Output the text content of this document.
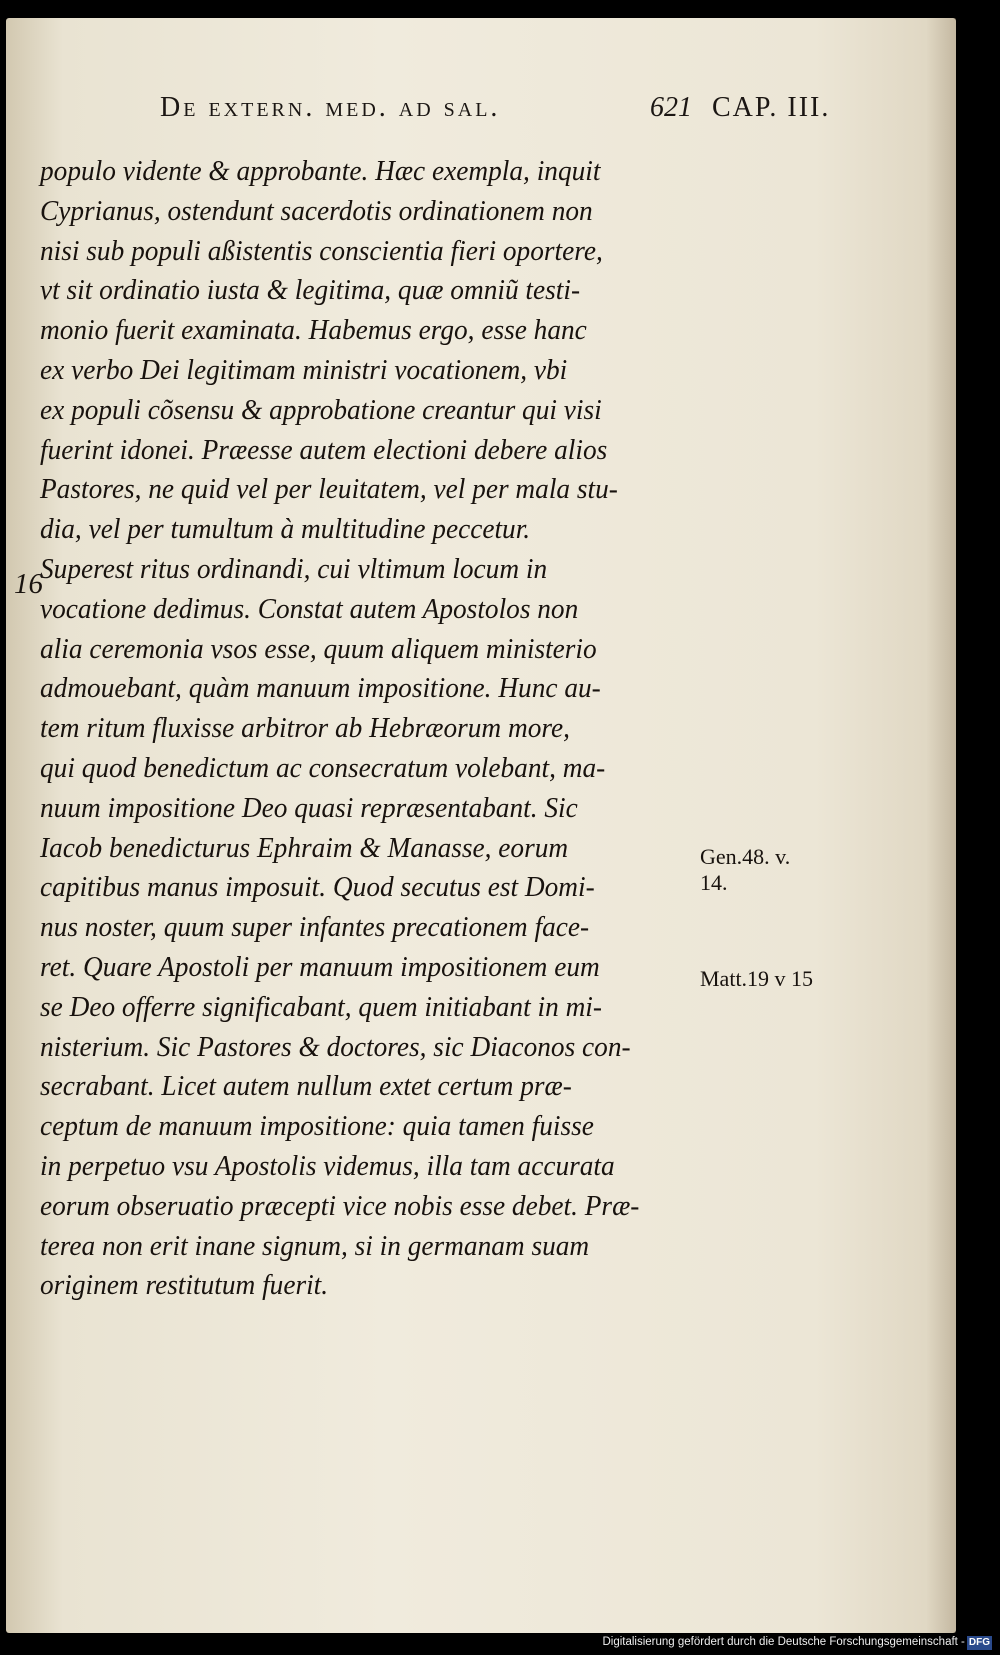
De extern. med. ad sal.	621 CAP. III.
16
populo vidente & approbante. Hæc exempla, inquit
Cyprianus, ostendunt sacerdotis ordinationem non
nisi sub populi aßistentis conscientia fieri oportere,
vt sit ordinatio iusta & legitima, quæ omniũ testi-
monio fuerit examinata. Habemus ergo, esse hanc
ex verbo Dei legitimam ministri vocationem, vbi
ex populi cõsensu & approbatione creantur qui visi
fuerint idonei. Præesse autem electioni debere alios
Pastores, ne quid vel per leuitatem, vel per mala stu-
dia, vel per tumultum à multitudine peccetur.
Superest ritus ordinandi, cui vltimum locum in
vocatione dedimus. Constat autem Apostolos non
alia ceremonia vsos esse, quum aliquem ministerio
admouebant, quàm manuum impositione. Hunc au-
tem ritum fluxisse arbitror ab Hebræorum more,
qui quod benedictum ac consecratum volebant, ma-
nuum impositione Deo quasi repræsentabant. Sic
Iacob benedicturus Ephraim & Manasse, eorum
capitibus manus imposuit. Quod secutus est Domi-
nus noster, quum super infantes precationem face-
ret. Quare Apostoli per manuum impositionem eum
se Deo offerre significabant, quem initiabant in mi-
nisterium. Sic Pastores & doctores, sic Diaconos con-
secrabant. Licet autem nullum extet certum præ-
ceptum de manuum impositione: quia tamen fuisse
in perpetuo vsu Apostolis videmus, illa tam accurata
eorum obseruatio præcepti vice nobis esse debet. Præ-
terea non erit inane signum, si in germanam suam
originem restitutum fuerit.
Gen.48. v.
14.
Matt.19 v 15
Digitalisierung gefördert durch die Deutsche Forschungsgemeinschaft - DFG
